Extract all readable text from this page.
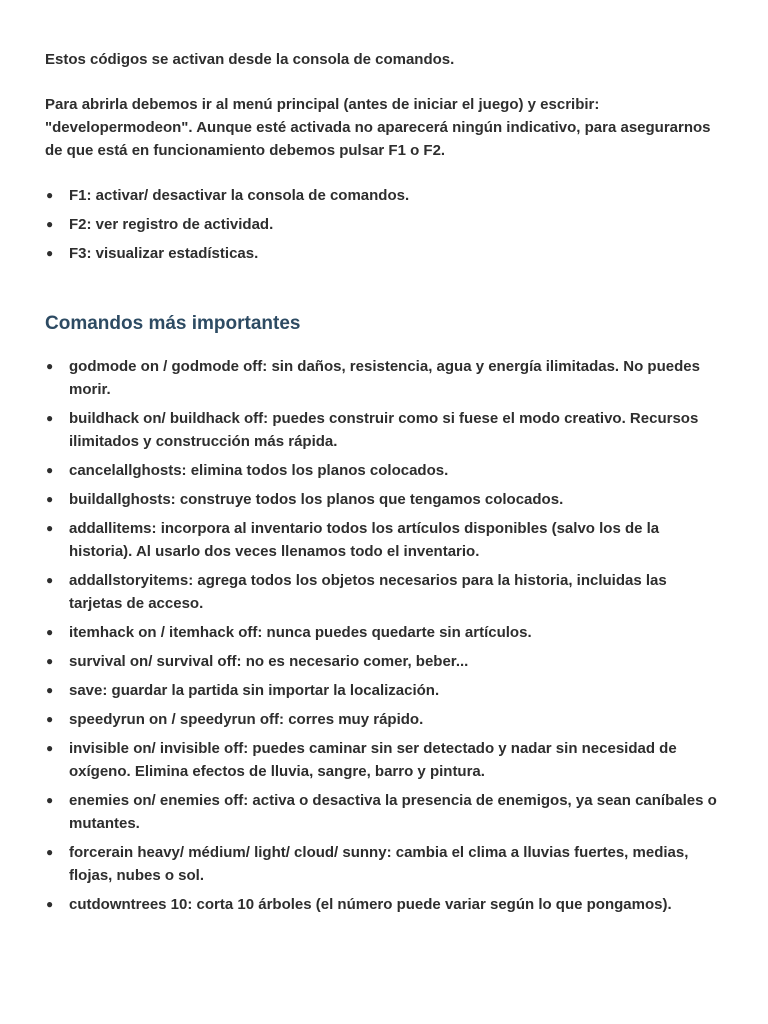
Estos códigos se activan desde la consola de comandos.

Para abrirla debemos ir al menú principal (antes de iniciar el juego) y escribir: "developermodeon". Aunque esté activada no aparecerá ningún indicativo, para asegurarnos de que está en funcionamiento debemos pulsar F1 o F2.

● F1: activar/ desactivar la consola de comandos.
● F2: ver registro de actividad.
● F3: visualizar estadísticas.
Comandos más importantes
● godmode on / godmode off: sin daños, resistencia, agua y energía ilimitadas. No puedes morir.
● buildhack on/ buildhack off: puedes construir como si fuese el modo creativo. Recursos ilimitados y construcción más rápida.
● cancelallghosts: elimina todos los planos colocados.
● buildallghosts: construye todos los planos que tengamos colocados.
● addallitems: incorpora al inventario todos los artículos disponibles (salvo los de la historia). Al usarlo dos veces llenamos todo el inventario.
● addallstoryitems: agrega todos los objetos necesarios para la historia, incluidas las tarjetas de acceso.
● itemhack on / itemhack off: nunca puedes quedarte sin artículos.
● survival on/ survival off: no es necesario comer, beber...
● save: guardar la partida sin importar la localización.
● speedyrun on / speedyrun off: corres muy rápido.
● invisible on/ invisible off: puedes caminar sin ser detectado y nadar sin necesidad de oxígeno. Elimina efectos de lluvia, sangre, barro y pintura.
● enemies on/ enemies off: activa o desactiva la presencia de enemigos, ya sean caníbales o mutantes.
● forcerain heavy/ médium/ light/ cloud/ sunny: cambia el clima a lluvias fuertes, medias, flojas, nubes o sol.
● cutdowntrees 10: corta 10 árboles (el número puede variar según lo que pongamos).
